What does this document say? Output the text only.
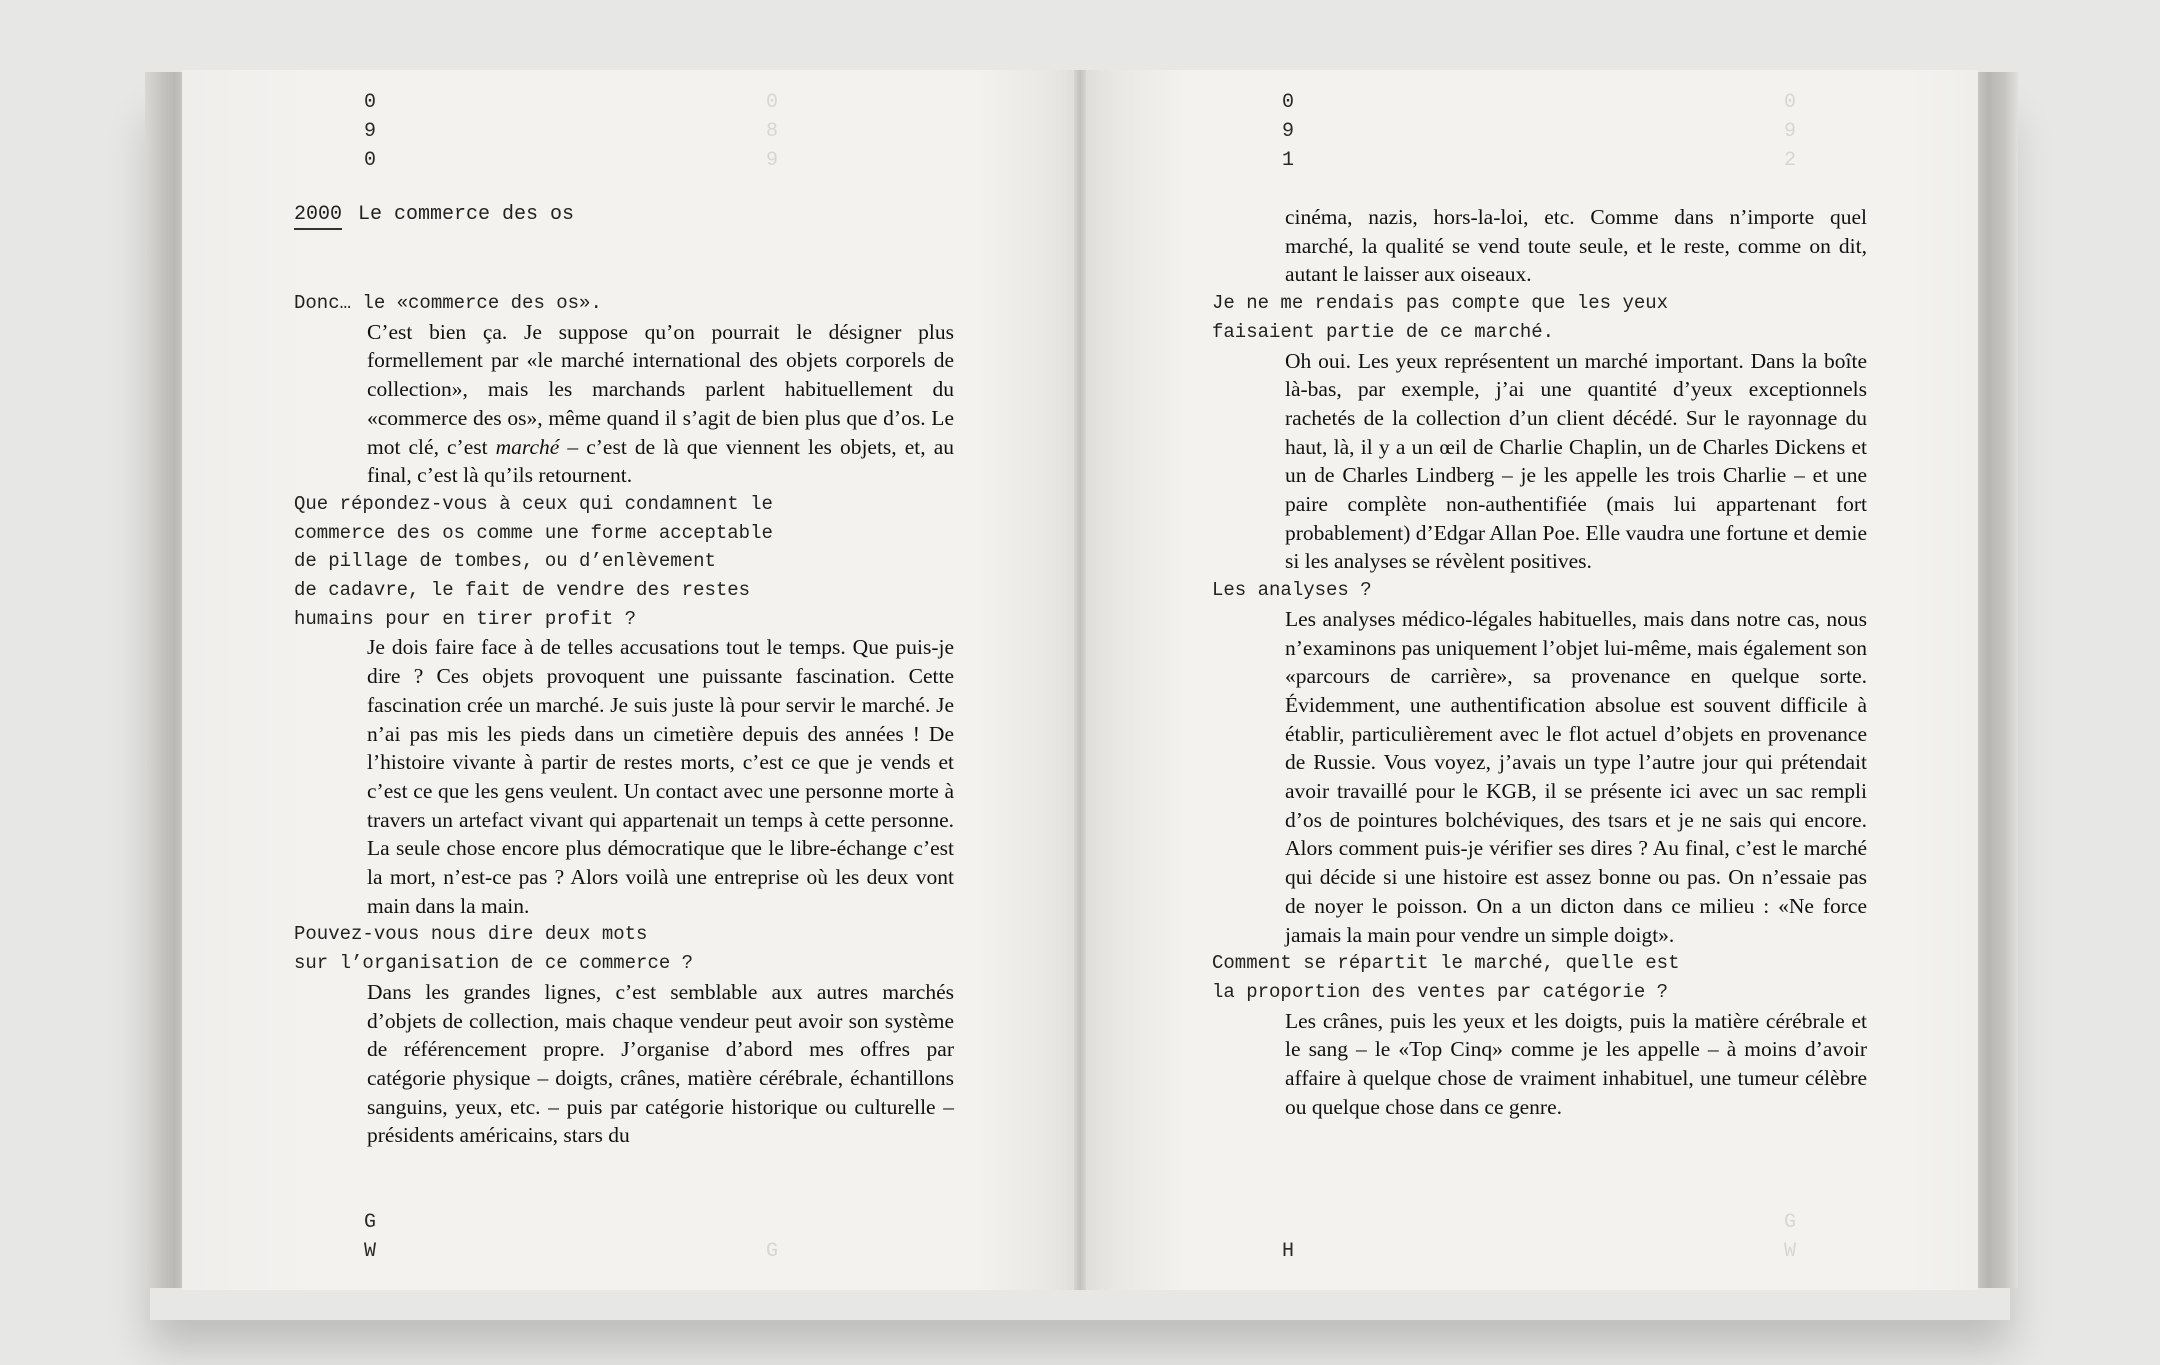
0
8
9
G
0
9
2
G
W
0
9
0
2000 Le commerce des os

Donc… le «commerce des os».

C’est bien ça. Je suppose qu’on pourrait le désigner plus formellement par «le marché international des objets corporels de collection», mais les marchands parlent habituellement du «commerce des os», même quand il s’agit de bien plus que d’os. Le mot clé, c’est marché – c’est de là que viennent les objets, et, au final, c’est là qu’ils retournent.

Que répondez-vous à ceux qui condamnent le
commerce des os comme une forme acceptable
de pillage de tombes, ou d’enlèvement
de cadavre, le fait de vendre des restes
humains pour en tirer profit ?

Je dois faire face à de telles accusations tout le temps. Que puis-je dire ? Ces objets provoquent une puissante fascination. Cette fascination crée un marché. Je suis juste là pour servir le marché. Je n’ai pas mis les pieds dans un cimetière depuis des années ! De l’histoire vivante à partir de restes morts, c’est ce que je vends et c’est ce que les gens veulent. Un contact avec une personne morte à travers un artefact vivant qui appartenait un temps à cette personne. La seule chose encore plus démocratique que le libre-échange c’est la mort, n’est-ce pas ? Alors voilà une entreprise où les deux vont main dans la main.

Pouvez-vous nous dire deux mots
sur l’organisation de ce commerce ?

Dans les grandes lignes, c’est semblable aux autres marchés d’objets de collection, mais chaque vendeur peut avoir son système de référencement propre. J’organise d’abord mes offres par catégorie physique – doigts, crânes, matière cérébrale, échantillons sanguins, yeux, etc. – puis par catégorie historique ou culturelle – présidents américains, stars du

G
W
0
9
1

cinéma, nazis, hors-la-loi, etc. Comme dans n’importe quel marché, la qualité se vend toute seule, et le reste, comme on dit, autant le laisser aux oiseaux.

Je ne me rendais pas compte que les yeux
faisaient partie de ce marché.

Oh oui. Les yeux représentent un marché important. Dans la boîte là-bas, par exemple, j’ai une quantité d’yeux exceptionnels rachetés de la collection d’un client décédé. Sur le rayonnage du haut, là, il y a un œil de Charlie Chaplin, un de Charles Dickens et un de Charles Lindberg – je les appelle les trois Charlie – et une paire complète non-authentifiée (mais lui appartenant fort probablement) d’Edgar Allan Poe. Elle vaudra une fortune et demie si les analyses se révèlent positives.

Les analyses ?

Les analyses médico-légales habituelles, mais dans notre cas, nous n’examinons pas uniquement l’objet lui-même, mais également son «parcours de carrière», sa provenance en quelque sorte. Évidemment, une authentification absolue est souvent difficile à établir, particulièrement avec le flot actuel d’objets en provenance de Russie. Vous voyez, j’avais un type l’autre jour qui prétendait avoir travaillé pour le KGB, il se présente ici avec un sac rempli d’os de pointures bolchéviques, des tsars et je ne sais qui encore. Alors comment puis-je vérifier ses dires ? Au final, c’est le marché qui décide si une histoire est assez bonne ou pas. On n’essaie pas de noyer le poisson. On a un dicton dans ce milieu : «Ne force jamais la main pour vendre un simple doigt».

Comment se répartit le marché, quelle est
la proportion des ventes par catégorie ?

Les crânes, puis les yeux et les doigts, puis la matière cérébrale et le sang – le «Top Cinq» comme je les appelle – à moins d’avoir affaire à quelque chose de vraiment inhabituel, une tumeur célèbre ou quelque chose dans ce genre.

H
